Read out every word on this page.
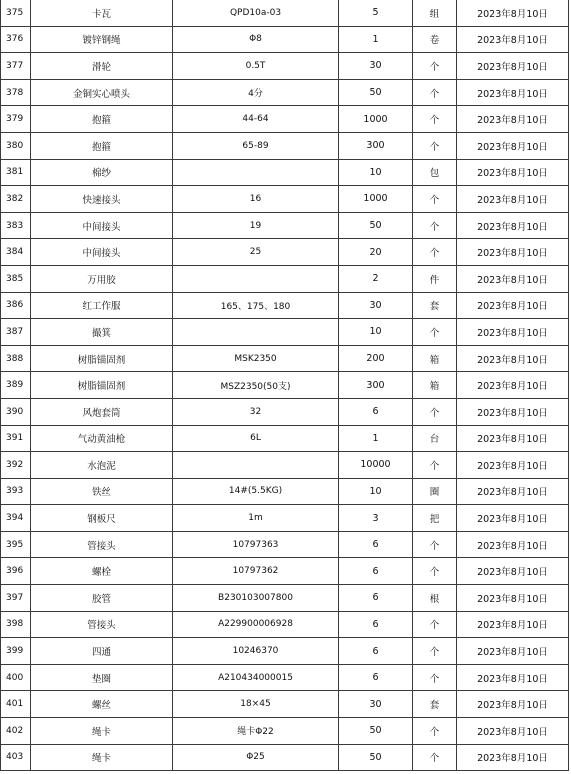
375	卡瓦	QPD10a-03	5	组	2023年8月10日
376	镀锌钢绳	Φ8	1	卷	2023年8月10日
377	滑轮	0.5T	30	个	2023年8月10日
378	金铜实心喷头	4分	50	个	2023年8月10日
379	抱箍	44-64	1000	个	2023年8月10日
380	抱箍	65-89	300	个	2023年8月10日
381	棉纱		10	包	2023年8月10日
382	快速接头	16	1000	个	2023年8月10日
383	中间接头	19	50	个	2023年8月10日
384	中间接头	25	20	个	2023年8月10日
385	万用胶		2	件	2023年8月10日
386	红工作服	165、175、180	30	套	2023年8月10日
387	撮箕		10	个	2023年8月10日
388	树脂锚固剂	MSK2350	200	箱	2023年8月10日
389	树脂锚固剂	MSZ2350(50支)	300	箱	2023年8月10日
390	风炮套筒	32	6	个	2023年8月10日
391	气动黄油枪	6L	1	台	2023年8月10日
392	水泡泥		10000	个	2023年8月10日
393	铁丝	14#(5.5KG)	10	圈	2023年8月10日
394	钢板尺	1m	3	把	2023年8月10日
395	管接头	10797363	6	个	2023年8月10日
396	螺栓	10797362	6	个	2023年8月10日
397	胶管	B230103007800	6	根	2023年8月10日
398	管接头	A229900006928	6	个	2023年8月10日
399	四通	10246370	6	个	2023年8月10日
400	垫圈	A210434000015	6	个	2023年8月10日
401	螺丝	18×45	30	套	2023年8月10日
402	绳卡	绳卡Φ22	50	个	2023年8月10日
403	绳卡	Φ25	50	个	2023年8月10日
